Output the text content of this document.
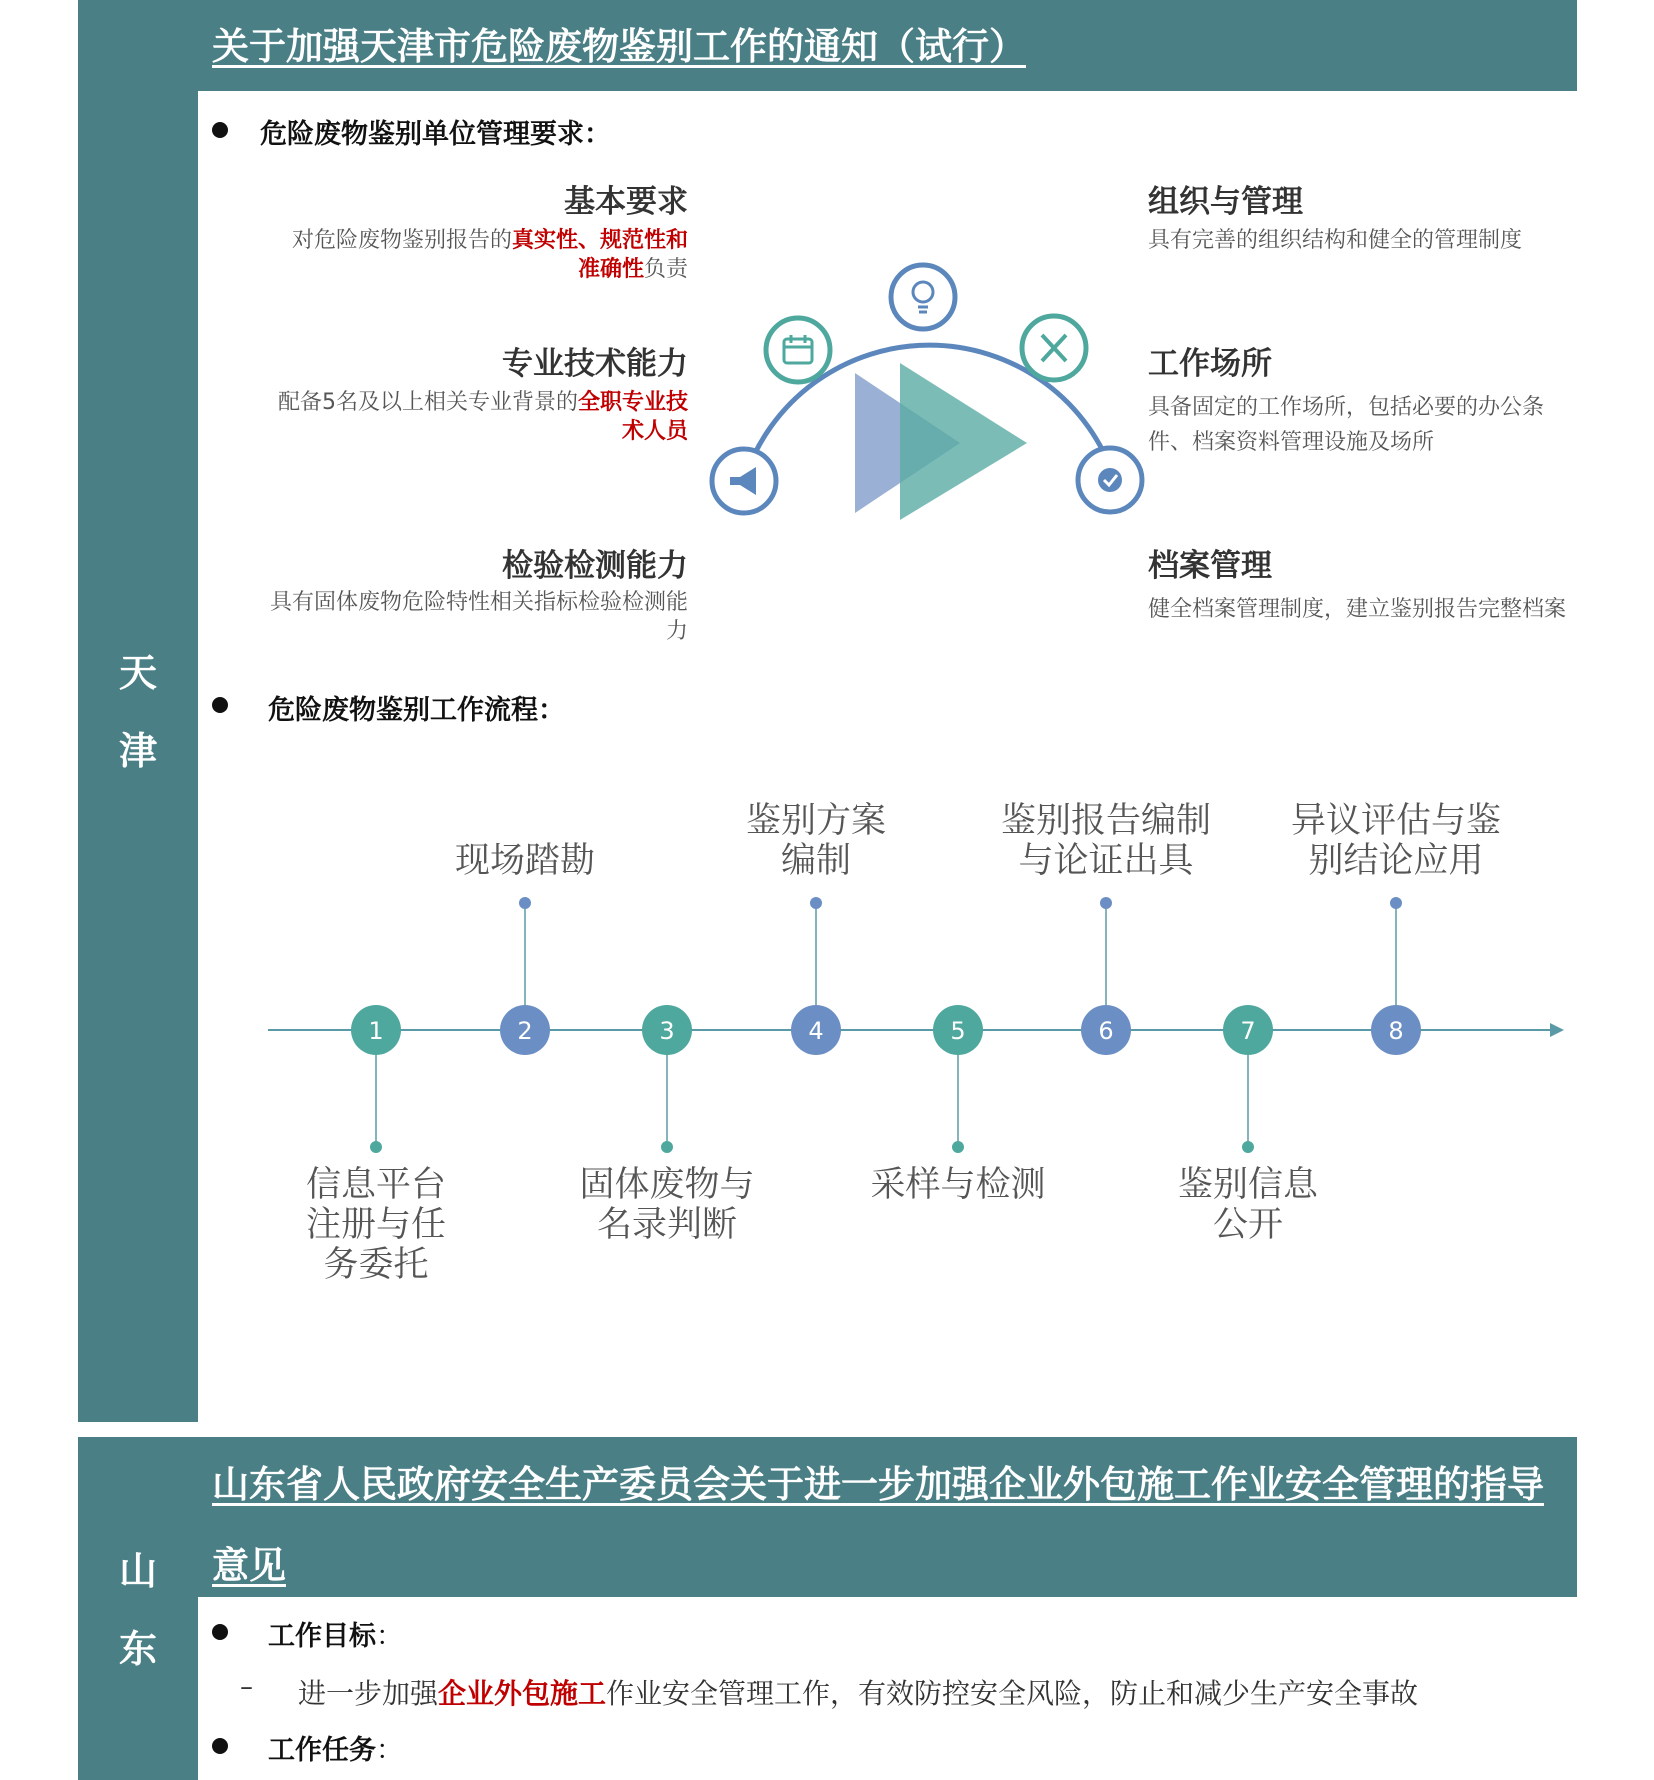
关于加强天津市危险废物鉴别工作的通知（试行）
天
津
危险废物鉴别单位管理要求：
基本要求
对危险废物鉴别报告的真实性、规范性和准确性负责
专业技术能力
配备5名及以上相关专业背景的全职专业技术人员
检验检测能力
具有固体废物危险特性相关指标检验检测能力
组织与管理
具有完善的组织结构和健全的管理制度
工作场所
具备固定的工作场所，包括必要的办公条件、档案资料管理设施及场所
档案管理
健全档案管理制度，建立鉴别报告完整档案
危险废物鉴别工作流程：
1	2	3	4	5	6	7	8
信息平台
注册与任
务委托
现场踏勘
固体废物与
名录判断
鉴别方案
编制
采样与检测
鉴别报告编制
与论证出具
鉴别信息
公开
异议评估与鉴
别结论应用
山东省人民政府安全生产委员会关于进一步加强企业外包施工作业安全管理的指导意见
山
东	工作目标：
– 进一步加强企业外包施工作业安全管理工作，有效防控安全风险，防止和减少生产安全事故
工作任务：
